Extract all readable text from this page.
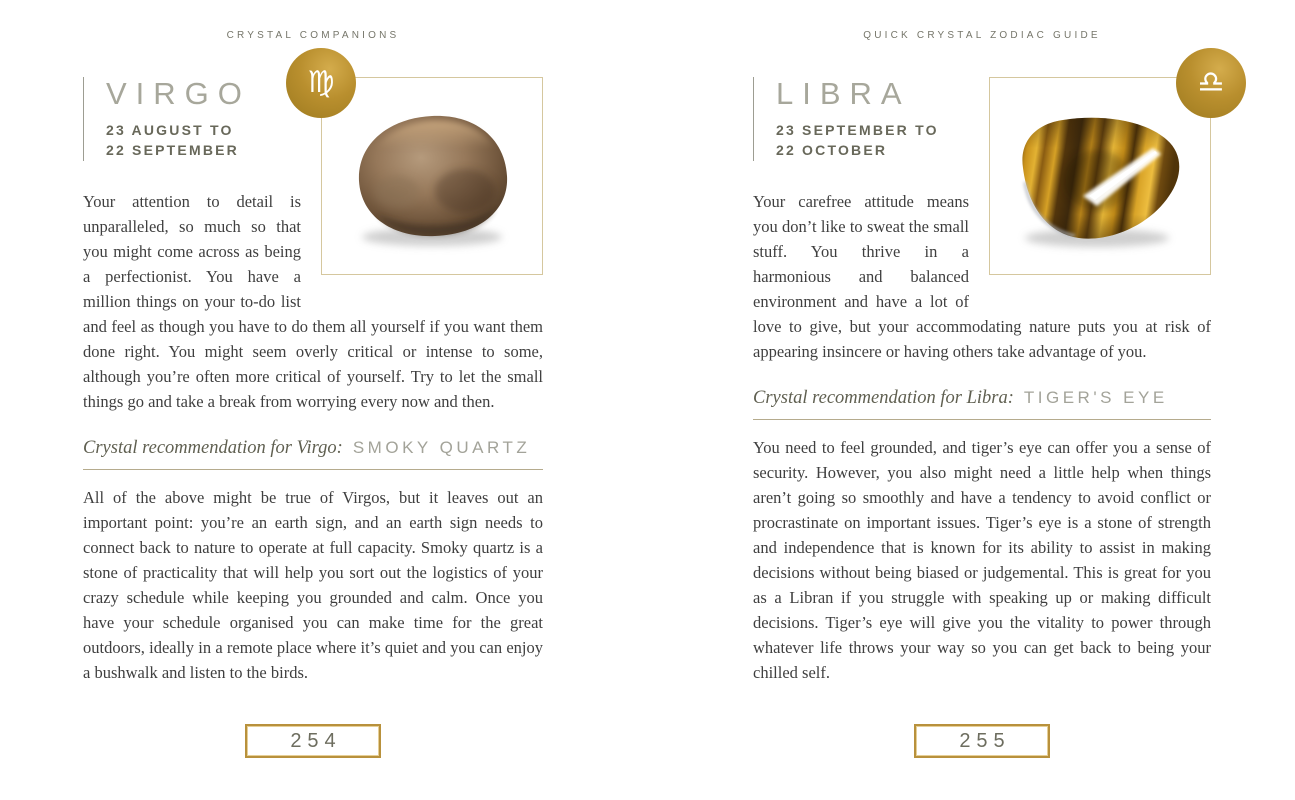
CRYSTAL COMPANIONS
♍
VIRGO
23 AUGUST TO
22 SEPTEMBER

Your attention to detail is unparalleled, so much so that you might come across as being a perfectionist. You have a million things on your to-do list and feel as though you have to do them all yourself if you want them done right. You might seem overly critical or intense to some, although you’re often more critical of yourself. Try to let the small things go and take a break from worrying every now and then.

Crystal recommendation for Virgo: SMOKY QUARTZ

All of the above might be true of Virgos, but it leaves out an important point: you’re an earth sign, and an earth sign needs to connect back to nature to operate at full capacity. Smoky quartz is a stone of practicality that will help you sort out the logistics of your crazy schedule while keeping you grounded and calm. Once you have your schedule organised you can make time for the great outdoors, ideally in a remote place where it’s quiet and you can enjoy a bushwalk and listen to the birds.

254
QUICK CRYSTAL ZODIAC GUIDE
♎
LIBRA
23 SEPTEMBER TO
22 OCTOBER

Your carefree attitude means you don’t like to sweat the small stuff. You thrive in a harmonious and balanced environment and have a lot of love to give, but your accommodating nature puts you at risk of appearing insincere or having others take advantage of you.

Crystal recommendation for Libra: TIGER'S EYE

You need to feel grounded, and tiger’s eye can offer you a sense of security. However, you also might need a little help when things aren’t going so smoothly and have a tendency to avoid conflict or procrastinate on important issues. Tiger’s eye is a stone of strength and independence that is known for its ability to assist in making decisions without being biased or judgemental. This is great for you as a Libran if you struggle with speaking up or making difficult decisions. Tiger’s eye will give you the vitality to power through whatever life throws your way so you can get back to being your chilled self.

255
